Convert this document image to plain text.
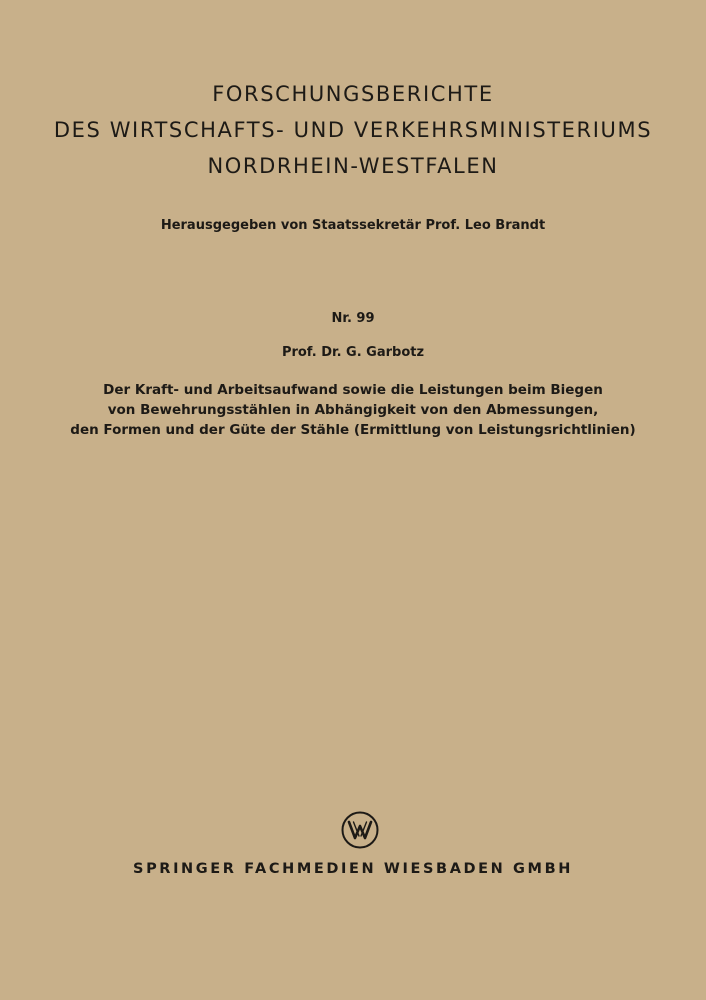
FORSCHUNGSBERICHTE
DES WIRTSCHAFTS- UND VERKEHRSMINISTERIUMS
NORDRHEIN-WESTFALEN
Herausgegeben von Staatssekretär Prof. Leo Brandt
Nr. 99
Prof. Dr. G. Garbotz
Der Kraft- und Arbeitsaufwand sowie die Leistungen beim Biegen
von Bewehrungsstählen in Abhängigkeit von den Abmessungen,
den Formen und der Güte der Stähle (Ermittlung von Leistungsrichtlinien)
SPRINGER FACHMEDIEN WIESBADEN GMBH
